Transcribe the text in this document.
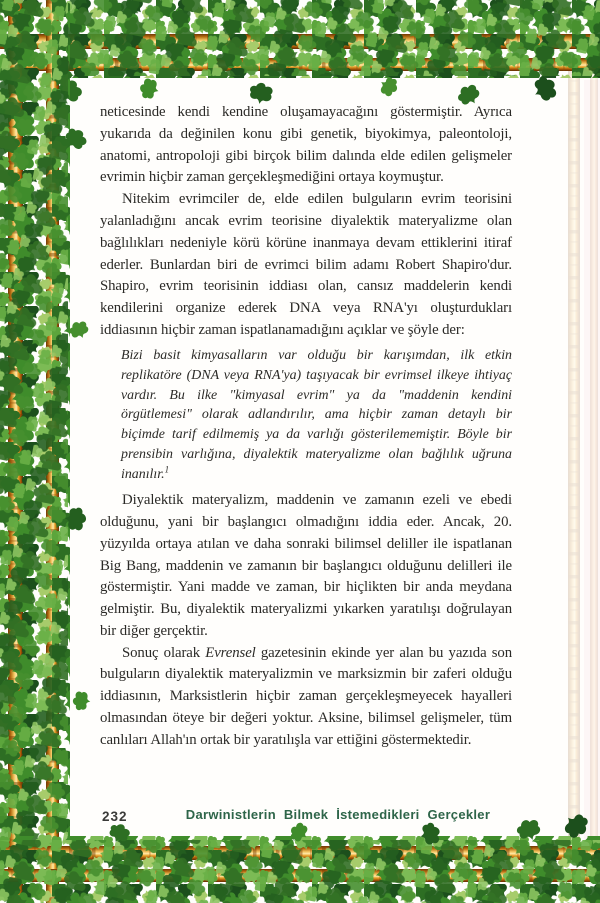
neticesinde kendi kendine oluşamayacağını göstermiştir. Ayrıca yukarıda da değinilen konu gibi genetik, biyokimya, paleontoloji, anatomi, antropoloji gibi birçok bilim dalında elde edilen gelişmeler evrimin hiçbir zaman gerçekleşmediğini ortaya koymuştur.

Nitekim evrimciler de, elde edilen bulguların evrim teorisini yalanladığını ancak evrim teorisine diyalektik materyalizme olan bağlılıkları nedeniyle körü körüne inanmaya devam ettiklerini itiraf ederler. Bunlardan biri de evrimci bilim adamı Robert Shapiro'dur. Shapiro, evrim teorisinin iddiası olan, cansız maddelerin kendi kendilerini organize ederek DNA veya RNA'yı oluşturdukları iddiasının hiçbir zaman ispatlanamadığını açıklar ve şöyle der:

Bizi basit kimyasalların var olduğu bir karışımdan, ilk etkin replikatöre (DNA veya RNA'ya) taşıyacak bir evrimsel ilkeye ihtiyaç vardır. Bu ilke "kimyasal evrim" ya da "maddenin kendini örgütlemesi" olarak adlandırılır, ama hiçbir zaman detaylı bir biçimde tarif edilmemiş ya da varlığı gösterilememiştir. Böyle bir prensibin varlığına, diyalektik materyalizme olan bağlılık uğruna inanılır.$^1$

Diyalektik materyalizm, maddenin ve zamanın ezeli ve ebedi olduğunu, yani bir başlangıcı olmadığını iddia eder. Ancak, 20. yüzyılda ortaya atılan ve daha sonraki bilimsel deliller ile ispatlanan Big Bang, maddenin ve zamanın bir başlangıcı olduğunu delilleri ile göstermiştir. Yani madde ve zaman, bir hiçlikten bir anda meydana gelmiştir. Bu, diyalektik materyalizmi yıkarken yaratılışı doğrulayan bir diğer gerçektir.

Sonuç olarak Evrensel gazetesinin ekinde yer alan bu yazıda son bulguların diyalektik materyalizmin ve marksizmin bir zaferi olduğu iddiasının, Marksistlerin hiçbir zaman gerçekleşmeyecek hayalleri olmasından öteye bir değeri yoktur. Aksine, bilimsel gelişmeler, tüm canlıları Allah'ın ortak bir yaratılışla var ettiğini göstermektedir.

232	Darwinistlerin Bilmek İstemedikleri Gerçekler
